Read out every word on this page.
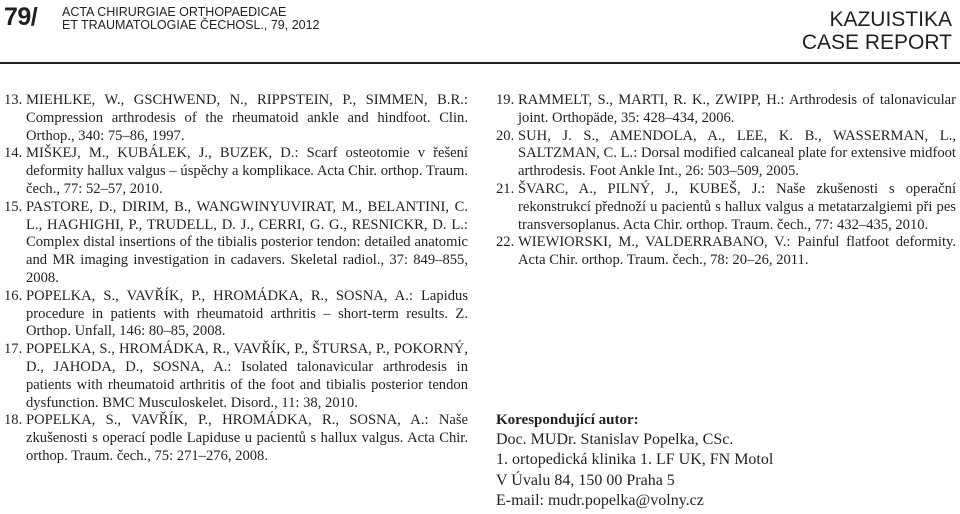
79/ ACTA CHIRURGIAE ORTHOPAEDICAE
ET TRAUMATOLOGIAE ČECHOSL., 79, 2012	KAZUISTIKA
CASE REPORT

13. MIEHLKE, W., GSCHWEND, N., RIPPSTEIN, P., SIMMEN, B.R.: Compression arthrodesis of the rheumatoid ankle and hindfoot. Clin. Orthop., 340: 75–86, 1997.

14. MIŠKEJ, M., KUBÁLEK, J., BUZEK, D.: Scarf osteotomie v řešení deformity hallux valgus – úspěchy a komplikace. Acta Chir. orthop. Traum. čech., 77: 52–57, 2010.

15. PASTORE, D., DIRIM, B., WANGWINYUVIRAT, M., BELANTINI, C. L., HAGHIGHI, P., TRUDELL, D. J., CERRI, G. G., RESNICKR, D. L.: Complex distal insertions of the tibialis posterior tendon: detailed anatomic and MR imaging investigation in cadavers. Skeletal radiol., 37: 849–855, 2008.

16. POPELKA, S., VAVŘÍK, P., HROMÁDKA, R., SOSNA, A.: Lapidus procedure in patients with rheumatoid arthritis – short-term results. Z. Orthop. Unfall, 146: 80–85, 2008.

17. POPELKA, S., HROMÁDKA, R., VAVŘÍK, P., ŠTURSA, P., POKORNÝ, D., JAHODA, D., SOSNA, A.: Isolated talonavicular arthrodesis in patients with rheumatoid arthritis of the foot and tibialis posterior tendon dysfunction. BMC Musculoskelet. Disord., 11: 38, 2010.

18. POPELKA, S., VAVŘÍK, P., HROMÁDKA, R., SOSNA, A.: Naše zkušenosti s operací podle Lapiduse u pacientů s hallux valgus. Acta Chir. orthop. Traum. čech., 75: 271–276, 2008.

19. RAMMELT, S., MARTI, R. K., ZWIPP, H.: Arthrodesis of talonavicular joint. Orthopäde, 35: 428–434, 2006.

20. SUH, J. S., AMENDOLA, A., LEE, K. B., WASSERMAN, L., SALTZMAN, C. L.: Dorsal modified calcaneal plate for extensive midfoot arthrodesis. Foot Ankle Int., 26: 503–509, 2005.

21. ŠVARC, A., PILNÝ, J., KUBEŠ, J.: Naše zkušenosti s operační rekonstrukcí přednoží u pacientů s hallux valgus a metatarzalgiemi při pes transversoplanus. Acta Chir. orthop. Traum. čech., 77: 432–435, 2010.

22. WIEWIORSKI, M., VALDERRABANO, V.: Painful flatfoot deformity. Acta Chir. orthop. Traum. čech., 78: 20–26, 2011.

Korespondující autor:
Doc. MUDr. Stanislav Popelka, CSc.
1. ortopedická klinika 1. LF UK, FN Motol
V Úvalu 84, 150 00 Praha 5
E-mail: mudr.popelka@volny.cz
